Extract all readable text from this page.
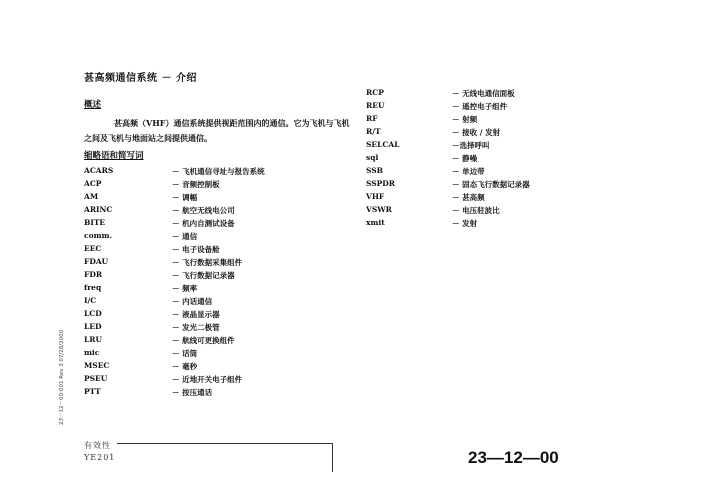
甚高频通信系统 － 介绍
概述
甚高频（VHF）通信系统提供视距范围内的通信。它为飞机与飞机之间及飞机与地面站之间提供通信。
缩略语和简写词
ACARS	－ 飞机通信寻址与报告系统
ACP	－ 音频控制板
AM	－ 调幅
ARINC	－ 航空无线电公司
BITE	－ 机内自测试设备
comm.	－ 通信
EEC	－ 电子设备舱
FDAU	－ 飞行数据采集组件
FDR	－ 飞行数据记录器
freq	－ 频率
I/C	－ 内话通信
LCD	－ 液晶显示器
LED	－ 发光二极管
LRU	－ 航线可更换组件
mic	－ 话筒
MSEC	－ 毫秒
PSEU	－ 近地开关电子组件
PTT	－ 按压通话
RCP	－ 无线电通信面板
REU	－ 遥控电子组件
RF	－ 射频
R/T	－ 接收 / 发射
SELCAL	－选择呼叫
sql	－ 静噪
SSB	－ 单边带
SSPDR	－ 固态飞行数据记录器
VHF	－ 甚高频
VSWR	－ 电压驻波比
xmit	－ 发射
23－12－00-001 Rev 3 07/28/2000
有效性
YE201	23—12—00
